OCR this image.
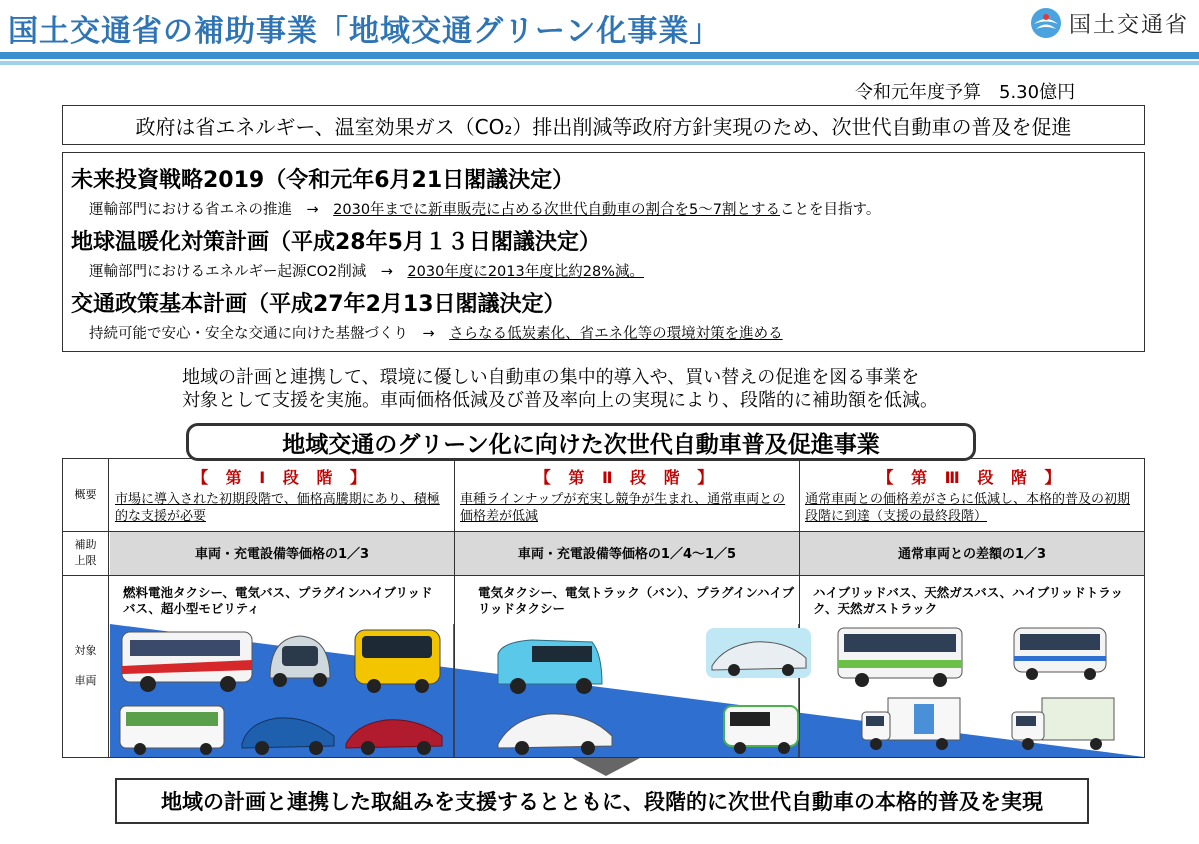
国土交通省の補助事業「地域交通グリーン化事業」	国土交通省
令和元年度予算　5.30億円
政府は省エネルギー、温室効果ガス（CO₂）排出削減等政府方針実現のため、次世代自動車の普及を促進
未来投資戦略2019（令和元年6月21日閣議決定）
運輸部門における省エネの推進　→　2030年までに新車販売に占める次世代自動車の割合を5～7割とすることを目指す。
地球温暖化対策計画（平成28年5月１３日閣議決定）
運輸部門におけるエネルギー起源CO2削減　→　2030年度に2013年度比約28%減。
交通政策基本計画（平成27年2月13日閣議決定）
持続可能で安心・安全な交通に向けた基盤づくり　→　さらなる低炭素化、省エネ化等の環境対策を進める
地域の計画と連携して、環境に優しい自動車の集中的導入や、買い替えの促進を図る事業を
対象として支援を実施。車両価格低減及び普及率向上の実現により、段階的に補助額を低減。
地域交通のグリーン化に向けた次世代自動車普及促進事業
概要
補助
上限
対象
車両
【 第 Ⅰ 段 階 】
市場に導入された初期段階で、価格高騰期にあり、積極的な支援が必要
車両・充電設備等価格の1／3
燃料電池タクシー、電気バス、プラグインハイブリッドバス、超小型モビリティ
【 第 Ⅱ 段 階 】
車種ラインナップが充実し競争が生まれ、通常車両との価格差が低減
車両・充電設備等価格の1／4～1／5
電気タクシー、電気トラック（バン）、プラグインハイブリッドタクシー
【 第 Ⅲ 段 階 】
通常車両との価格差がさらに低減し、本格的普及の初期段階に到達（支援の最終段階）
通常車両との差額の1／3
ハイブリッドバス、天然ガスバス、ハイブリッドトラック、天然ガストラック
地域の計画と連携した取組みを支援するとともに、段階的に次世代自動車の本格的普及を実現
